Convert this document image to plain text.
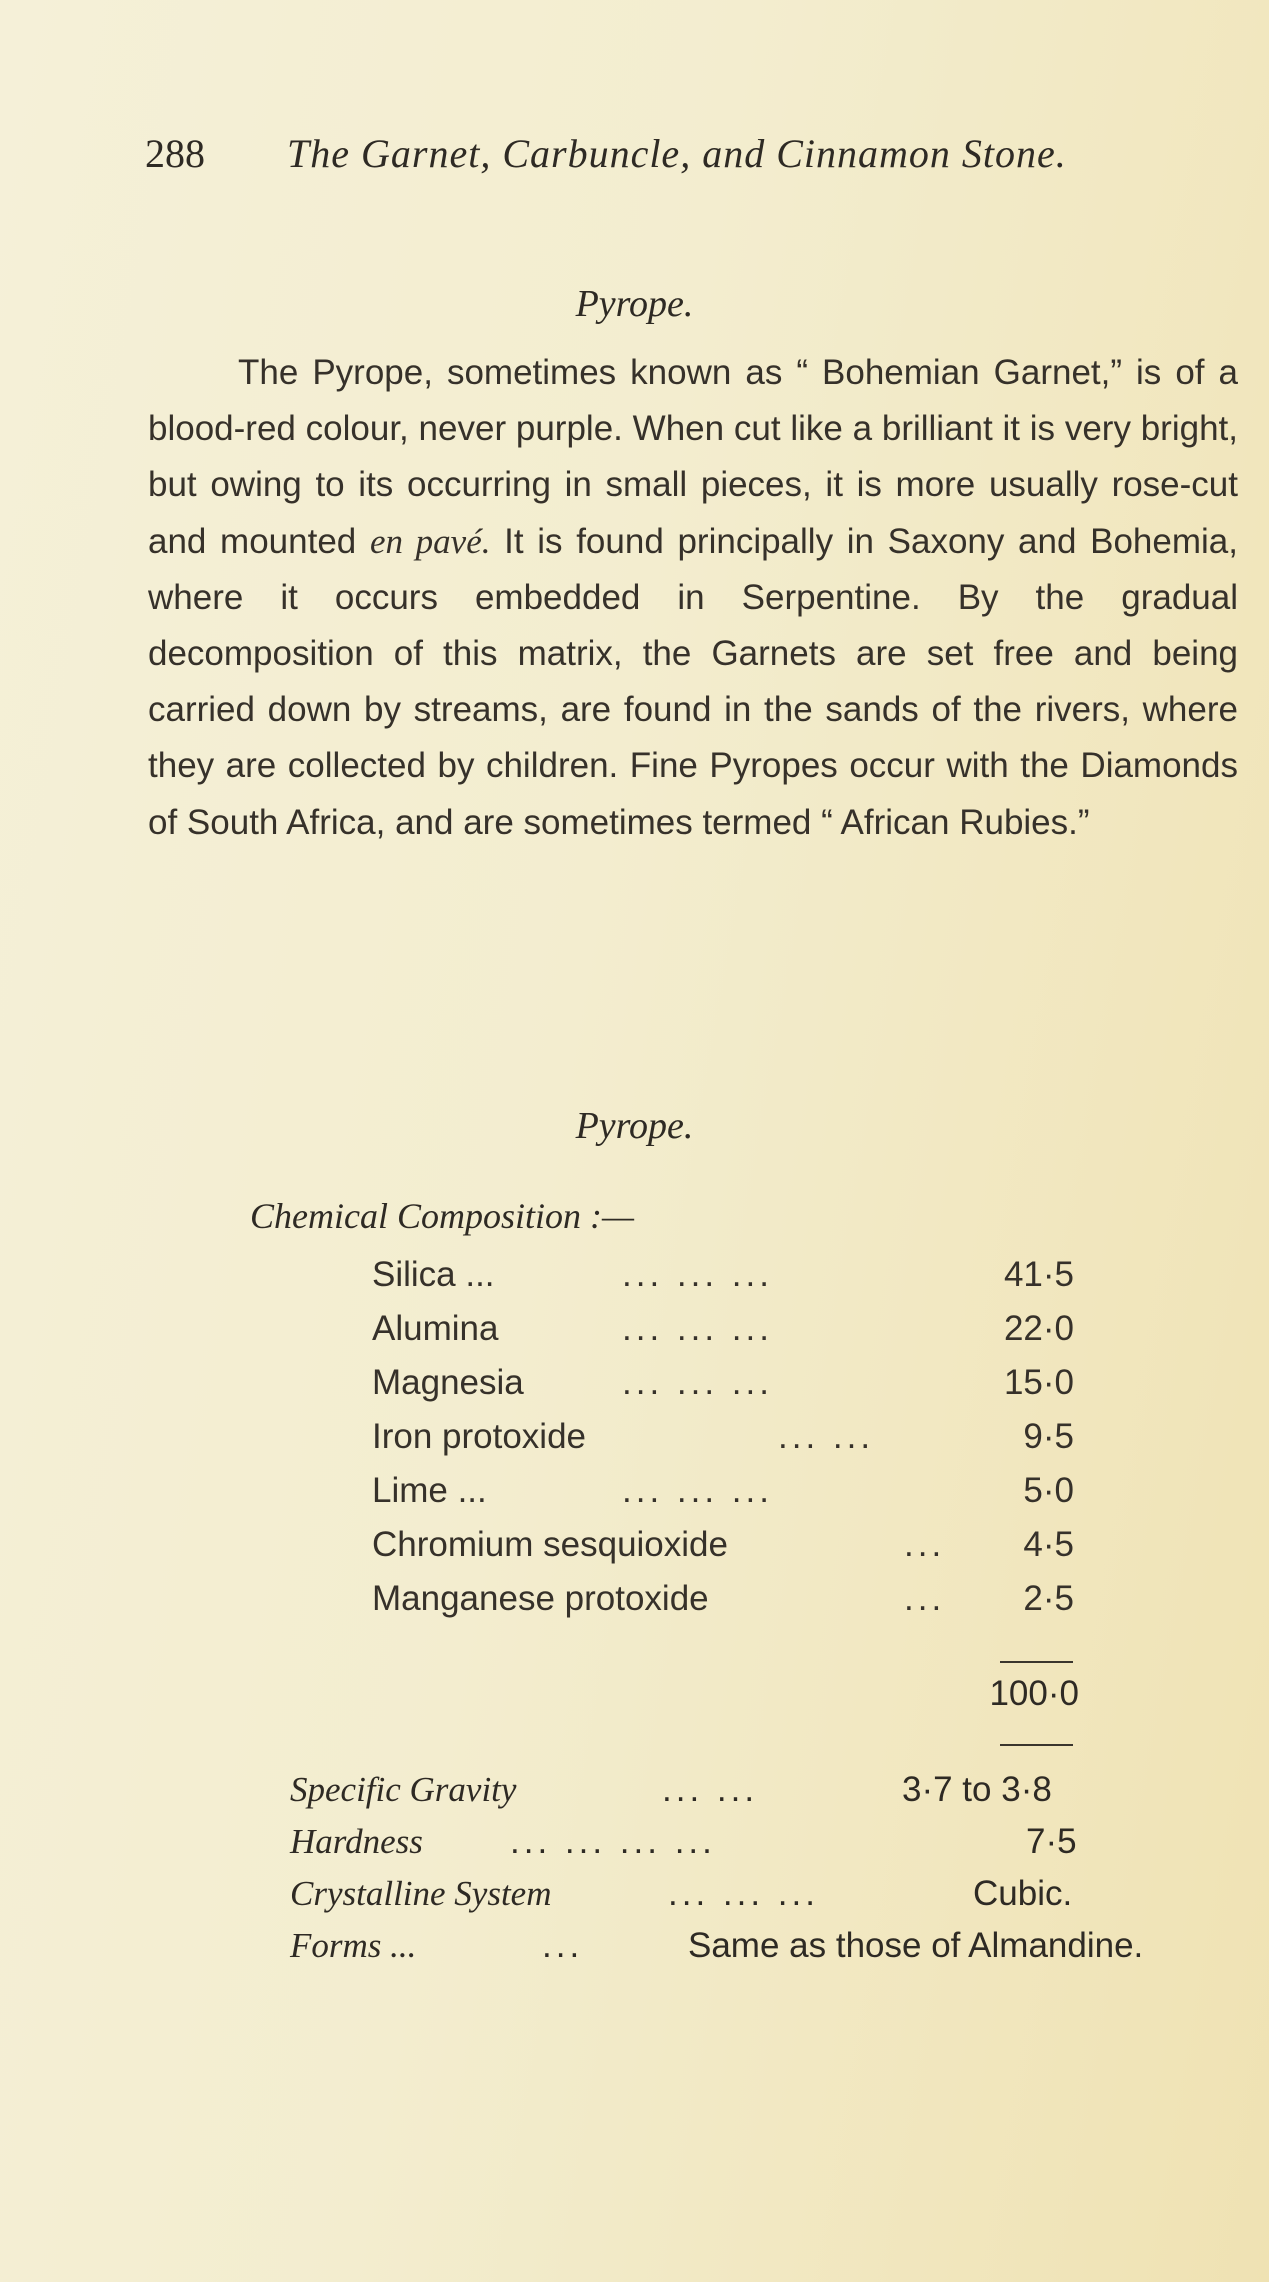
288 The Garnet, Carbuncle, and Cinnamon Stone.
Pyrope.

The Pyrope, sometimes known as “ Bohemian Garnet,” is of a blood-red colour, never purple. When cut like a brilliant it is very bright, but owing to its occurring in small pieces, it is more usually rose-cut and mounted en pavé. It is found principally in Saxony and Bohemia, where it occurs embedded in Serpentine. By the gradual decomposition of this matrix, the Garnets are set free and being carried down by streams, are found in the sands of the rivers, where they are collected by children. Fine Pyropes occur with the Diamonds of South Africa, and are sometimes termed “ African Rubies.”

Pyrope.
Chemical Composition :—
Silica ...	... ... ...	41·5
Alumina	... ... ...	22·0
Magnesia	... ... ...	15·0
Iron protoxide	... ...	9·5
Lime ...	... ... ...	5·0
Chromium sesquioxide	... 4·5
Manganese protoxide	... 2·5
100·0
Specific Gravity	... ...	3·7 to 3·8
Hardness ... ... ... ...	7·5
Crystalline System	... ... ...	Cubic.
Forms ...	...	Same as those of Almandine.
